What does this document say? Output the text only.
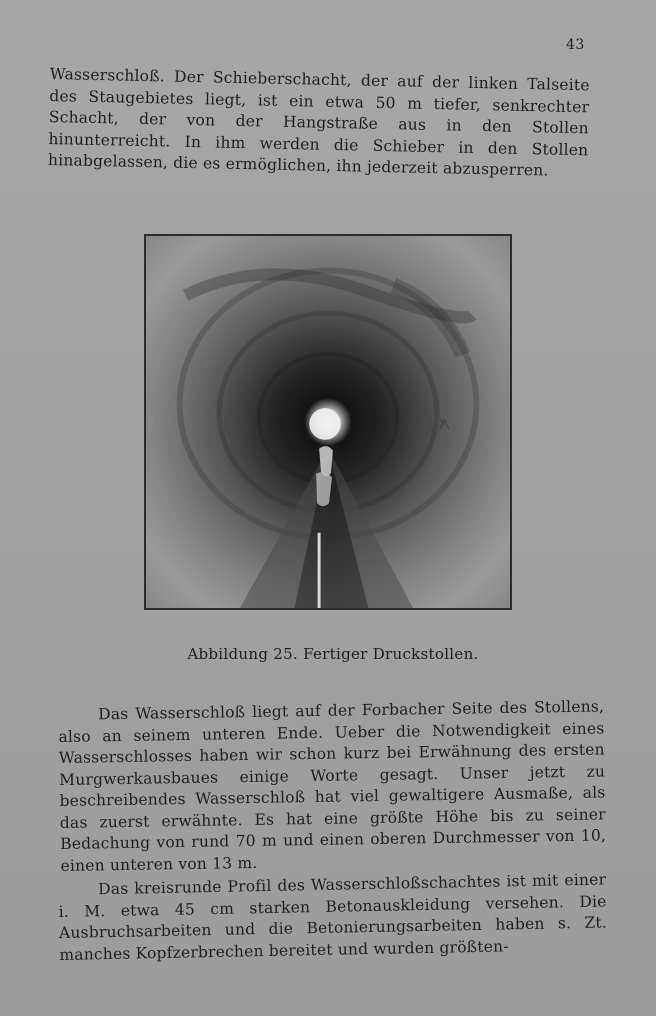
43

Wasserschloß. Der Schieberschacht, der auf der linken Talseite des Staugebietes liegt, ist ein etwa 50 m tiefer, senkrechter Schacht, der von der Hangstraße aus in den Stollen hinunterreicht. In ihm werden die Schieber in den Stollen hinabgelassen, die es ermöglichen, ihn jederzeit abzusperren.

᭶
Abbildung 25. Fertiger Druckstollen.

Das Wasserschloß liegt auf der Forbacher Seite des Stollens, also an seinem unteren Ende. Ueber die Notwendigkeit eines Wasserschlosses haben wir schon kurz bei Erwähnung des ersten Murgwerkausbaues einige Worte gesagt. Unser jetzt zu beschreibendes Wasserschloß hat viel gewaltigere Ausmaße, als das zuerst erwähnte. Es hat eine größte Höhe bis zu seiner Bedachung von rund 70 m und einen oberen Durchmesser von 10, einen unteren von 13 m.

Das kreisrunde Profil des Wasserschloßschachtes ist mit einer i. M. etwa 45 cm starken Betonauskleidung versehen. Die Ausbruchsarbeiten und die Betonierungsarbeiten haben s. Zt. manches Kopfzerbrechen bereitet und wurden größten-
